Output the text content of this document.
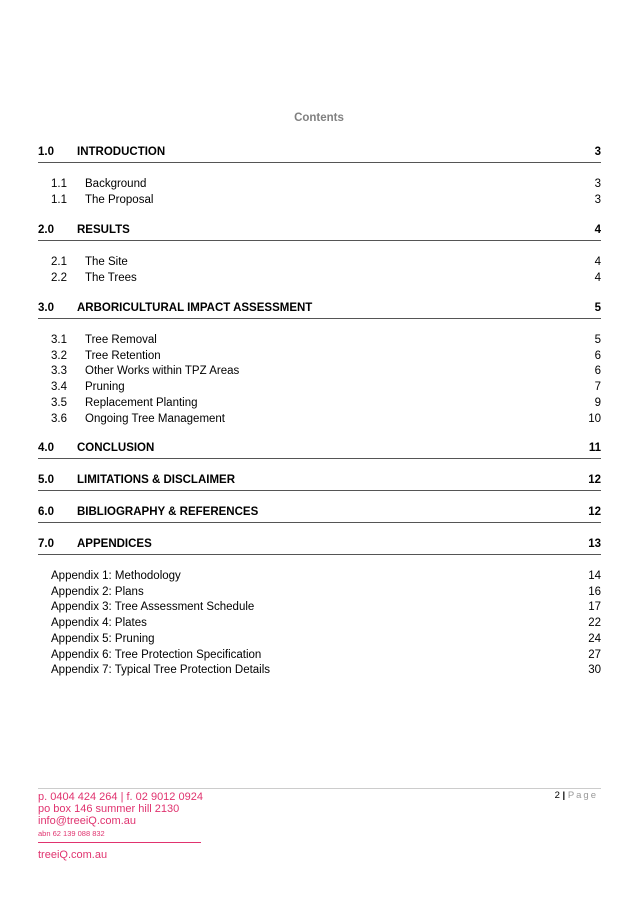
Contents
1.0 INTRODUCTION	3
1.1 Background	3
1.1 The Proposal	3
2.0 RESULTS	4
2.1 The Site	4
2.2 The Trees	4
3.0 ARBORICULTURAL IMPACT ASSESSMENT	5
3.1 Tree Removal	5
3.2 Tree Retention	6
3.3 Other Works within TPZ Areas	6
3.4 Pruning	7
3.5 Replacement Planting	9
3.6 Ongoing Tree Management	10
4.0 CONCLUSION	11
5.0 LIMITATIONS & DISCLAIMER	12
6.0 BIBLIOGRAPHY & REFERENCES	12
7.0 APPENDICES	13
Appendix 1: Methodology	14
Appendix 2: Plans	16
Appendix 3: Tree Assessment Schedule	17
Appendix 4: Plates	22
Appendix 5: Pruning	24
Appendix 6: Tree Protection Specification	27
Appendix 7: Typical Tree Protection Details	30
2 | Page
p. 0404 424 264 | f. 02 9012 0924
po box 146 summer hill 2130
info@treeiQ.com.au
abn 62 139 088 832
treeiQ.com.au
